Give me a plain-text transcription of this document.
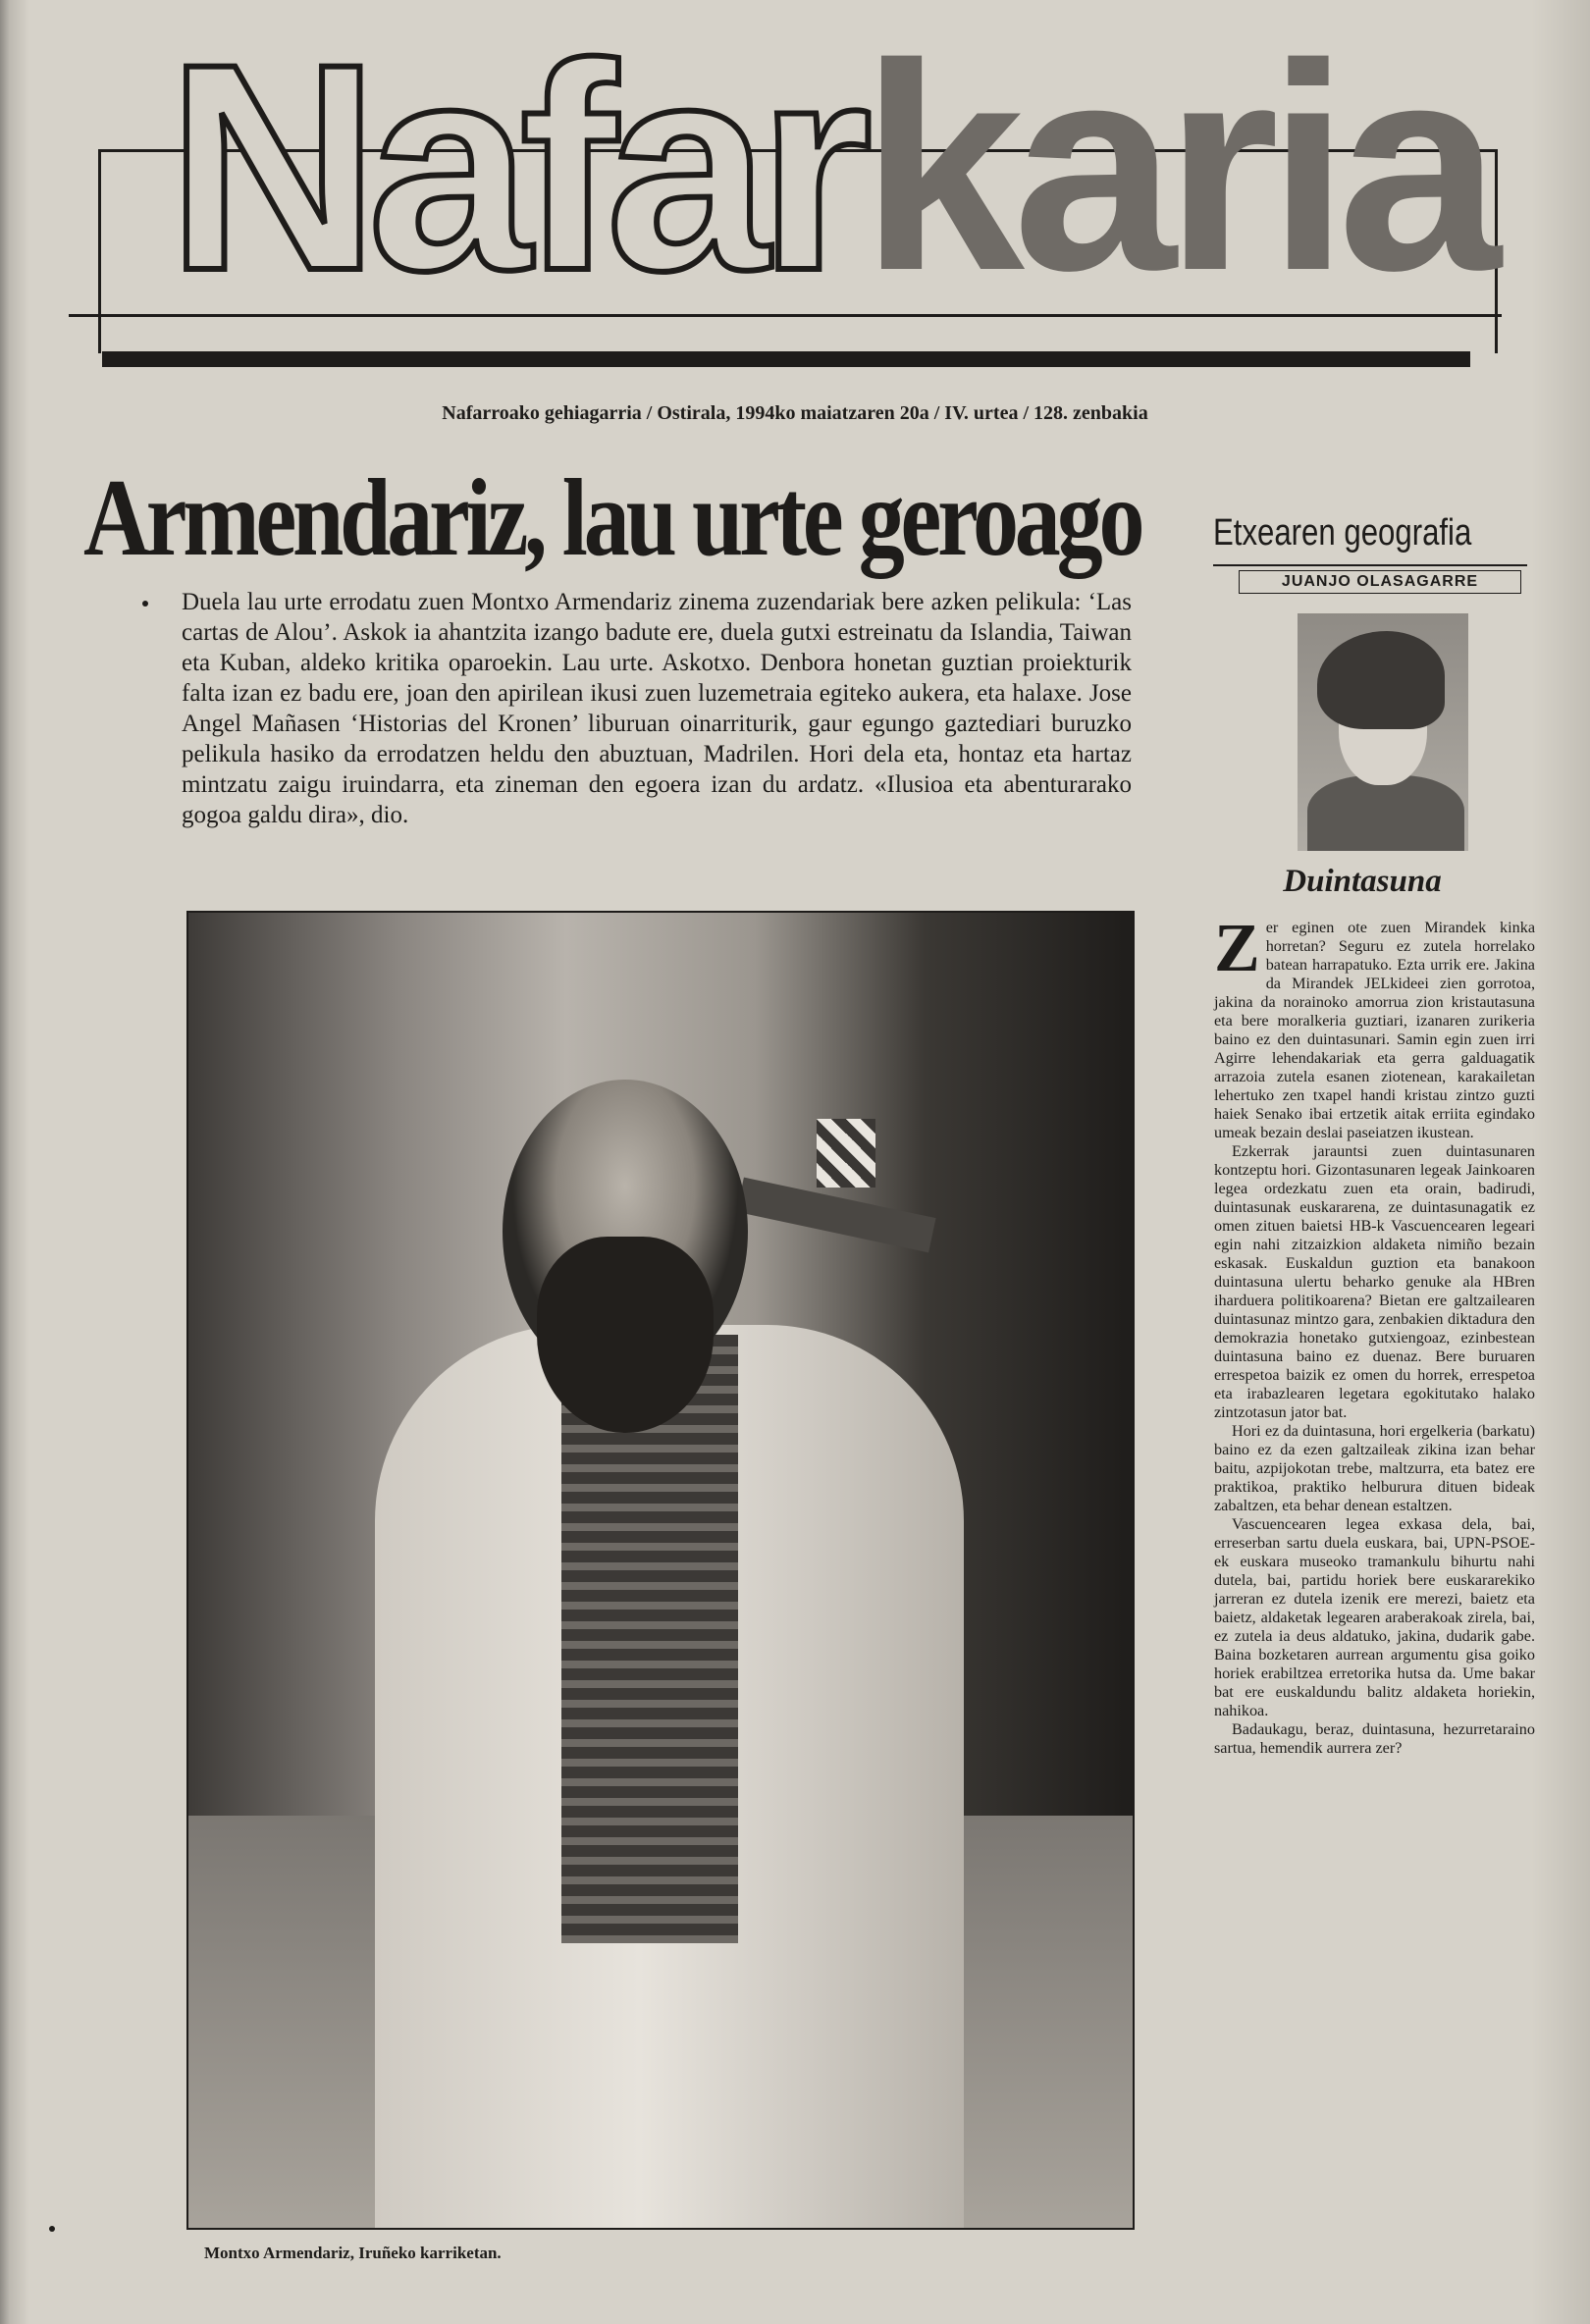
Nafarkaria
Nafarroako gehiagarria / Ostirala, 1994ko maiatzaren 20a / IV. urtea / 128. zenbakia
Armendariz, lau urte geroago
Duela lau urte errodatu zuen Montxo Armendariz zinema zuzendariak bere azken pelikula: ‘Las cartas de Alou’. Askok ia ahantzita izango badute ere, duela gutxi estreinatu da Islandia, Taiwan eta Kuban, aldeko kritika oparoekin. Lau urte. Askotxo. Denbora honetan guztian proiekturik falta izan ez badu ere, joan den apirilean ikusi zuen luzemetraia egiteko aukera, eta halaxe. Jose Angel Mañasen ‘Historias del Kronen’ liburuan oinarriturik, gaur egungo gaztediari buruzko pelikula hasiko da errodatzen heldu den abuztuan, Madrilen. Hori dela eta, hontaz eta hartaz mintzatu zaigu iruindarra, eta zineman den egoera izan du ardatz. «Ilusioa eta abenturarako gogoa galdu dira», dio.
Montxo Armendariz, Iruñeko karriketan.
Etxearen geografia
JUANJO OLASAGARRE
Duintasuna

Zer eginen ote zuen Mirandek kinka horretan? Seguru ez zutela horrelako batean harrapatuko. Ezta urrik ere. Jakina da Mirandek JELkideei zien gorrotoa, jakina da norainoko amorrua zion kristautasuna eta bere moralkeria guztiari, izanaren zurikeria baino ez den duintasunari. Samin egin zuen irri Agirre lehendakariak eta gerra galduagatik arrazoia zutela esanen ziotenean, karakailetan lehertuko zen txapel handi kristau zintzo guzti haiek Senako ibai ertzetik aitak erriita egindako umeak bezain deslai paseiatzen ikustean.

Ezkerrak jarauntsi zuen duintasunaren kontzeptu hori. Gizontasunaren legeak Jainkoaren legea ordezkatu zuen eta orain, badirudi, duintasunak euskararena, ze duintasunagatik ez omen zituen baietsi HB-k Vascuencearen legeari egin nahi zitzaizkion aldaketa nimiño bezain eskasak. Euskaldun guztion eta banakoon duintasuna ulertu beharko genuke ala HBren iharduera politikoarena? Bietan ere galtzailearen duintasunaz mintzo gara, zenbakien diktadura den demokrazia honetako gutxiengoaz, ezinbestean duintasuna baino ez duenaz. Bere buruaren errespetoa baizik ez omen du horrek, errespetoa eta irabazlearen legetara egokitutako halako zintzotasun jator bat.

Hori ez da duintasuna, hori ergelkeria (barkatu) baino ez da ezen galtzaileak zikina izan behar baitu, azpijokotan trebe, maltzurra, eta batez ere praktikoa, praktiko helburura dituen bideak zabaltzen, eta behar denean estaltzen.

Vascuencearen legea exkasa dela, bai, erreserban sartu duela euskara, bai, UPN-PSOE-ek euskara museoko tramankulu bihurtu nahi dutela, bai, partidu horiek bere euskararekiko jarreran ez dutela izenik ere merezi, baietz eta baietz, aldaketak legearen araberakoak zirela, bai, ez zutela ia deus aldatuko, jakina, dudarik gabe. Baina bozketaren aurrean argumentu gisa goiko horiek erabiltzea erretorika hutsa da. Ume bakar bat ere euskaldundu balitz aldaketa horiekin, nahikoa.

Badaukagu, beraz, duintasuna, hezurretaraino sartua, hemendik aurrera zer?
